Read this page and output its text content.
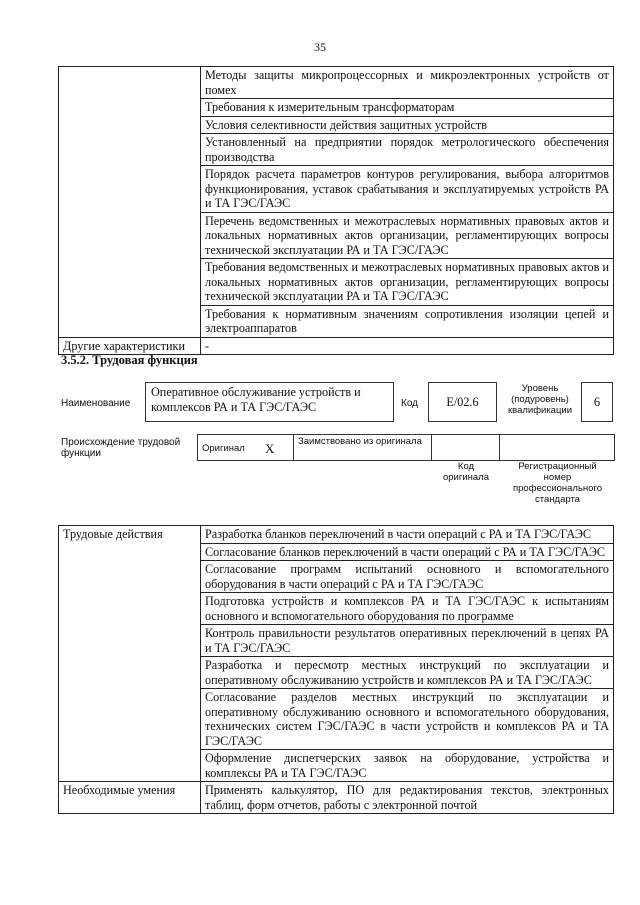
35
	Методы защиты микропроцессорных и микроэлектронных устройств от помех
	Требования к измерительным трансформаторам
	Условия селективности действия защитных устройств
	Установленный на предприятии порядок метрологического обеспечения производства
	Порядок расчета параметров контуров регулирования, выбора алгоритмов функционирования, уставок срабатывания и эксплуатируемых устройств РА и ТА ГЭС/ГАЭС
	Перечень ведомственных и межотраслевых нормативных правовых актов и локальных нормативных актов организации, регламентирующих вопросы технической эксплуатации РА и ТА ГЭС/ГАЭС
	Требования ведомственных и межотраслевых нормативных правовых актов и локальных нормативных актов организации, регламентирующих вопросы технической эксплуатации РА и ТА ГЭС/ГАЭС
	Требования к нормативным значениям сопротивления изоляции цепей и электроаппаратов
Другие характеристики	-
3.5.2. Трудовая функция
Наименование
Оперативное обслуживание устройств и комплексов РА и ТА ГЭС/ГАЭС	Код	E/02.6
Уровень (подуровень) квалификации
6
Происхождение трудовой функции	Оригинал X Заимствовано из оригинала
Код оригинала
Регистрационный номер профессионального стандарта
Трудовые действия	Разработка бланков переключений в части операций с РА и ТА ГЭС/ГАЭС
	Согласование бланков переключений в части операций с РА и ТА ГЭС/ГАЭС
	Согласование программ испытаний основного и вспомогательного оборудования в части операций с РА и ТА ГЭС/ГАЭС
	Подготовка устройств и комплексов РА и ТА ГЭС/ГАЭС к испытаниям основного и вспомогательного оборудования по программе
	Контроль правильности результатов оперативных переключений в цепях РА и ТА ГЭС/ГАЭС
	Разработка и пересмотр местных инструкций по эксплуатации и оперативному обслуживанию устройств и комплексов РА и ТА ГЭС/ГАЭС
	Согласование разделов местных инструкций по эксплуатации и оперативному обслуживанию основного и вспомогательного оборудования, технических систем ГЭС/ГАЭС в части устройств и комплексов РА и ТА ГЭС/ГАЭС
	Оформление диспетчерских заявок на оборудование, устройства и комплексы РА и ТА ГЭС/ГАЭС
Необходимые умения	Применять калькулятор, ПО для редактирования текстов, электронных таблиц, форм отчетов, работы с электронной почтой
